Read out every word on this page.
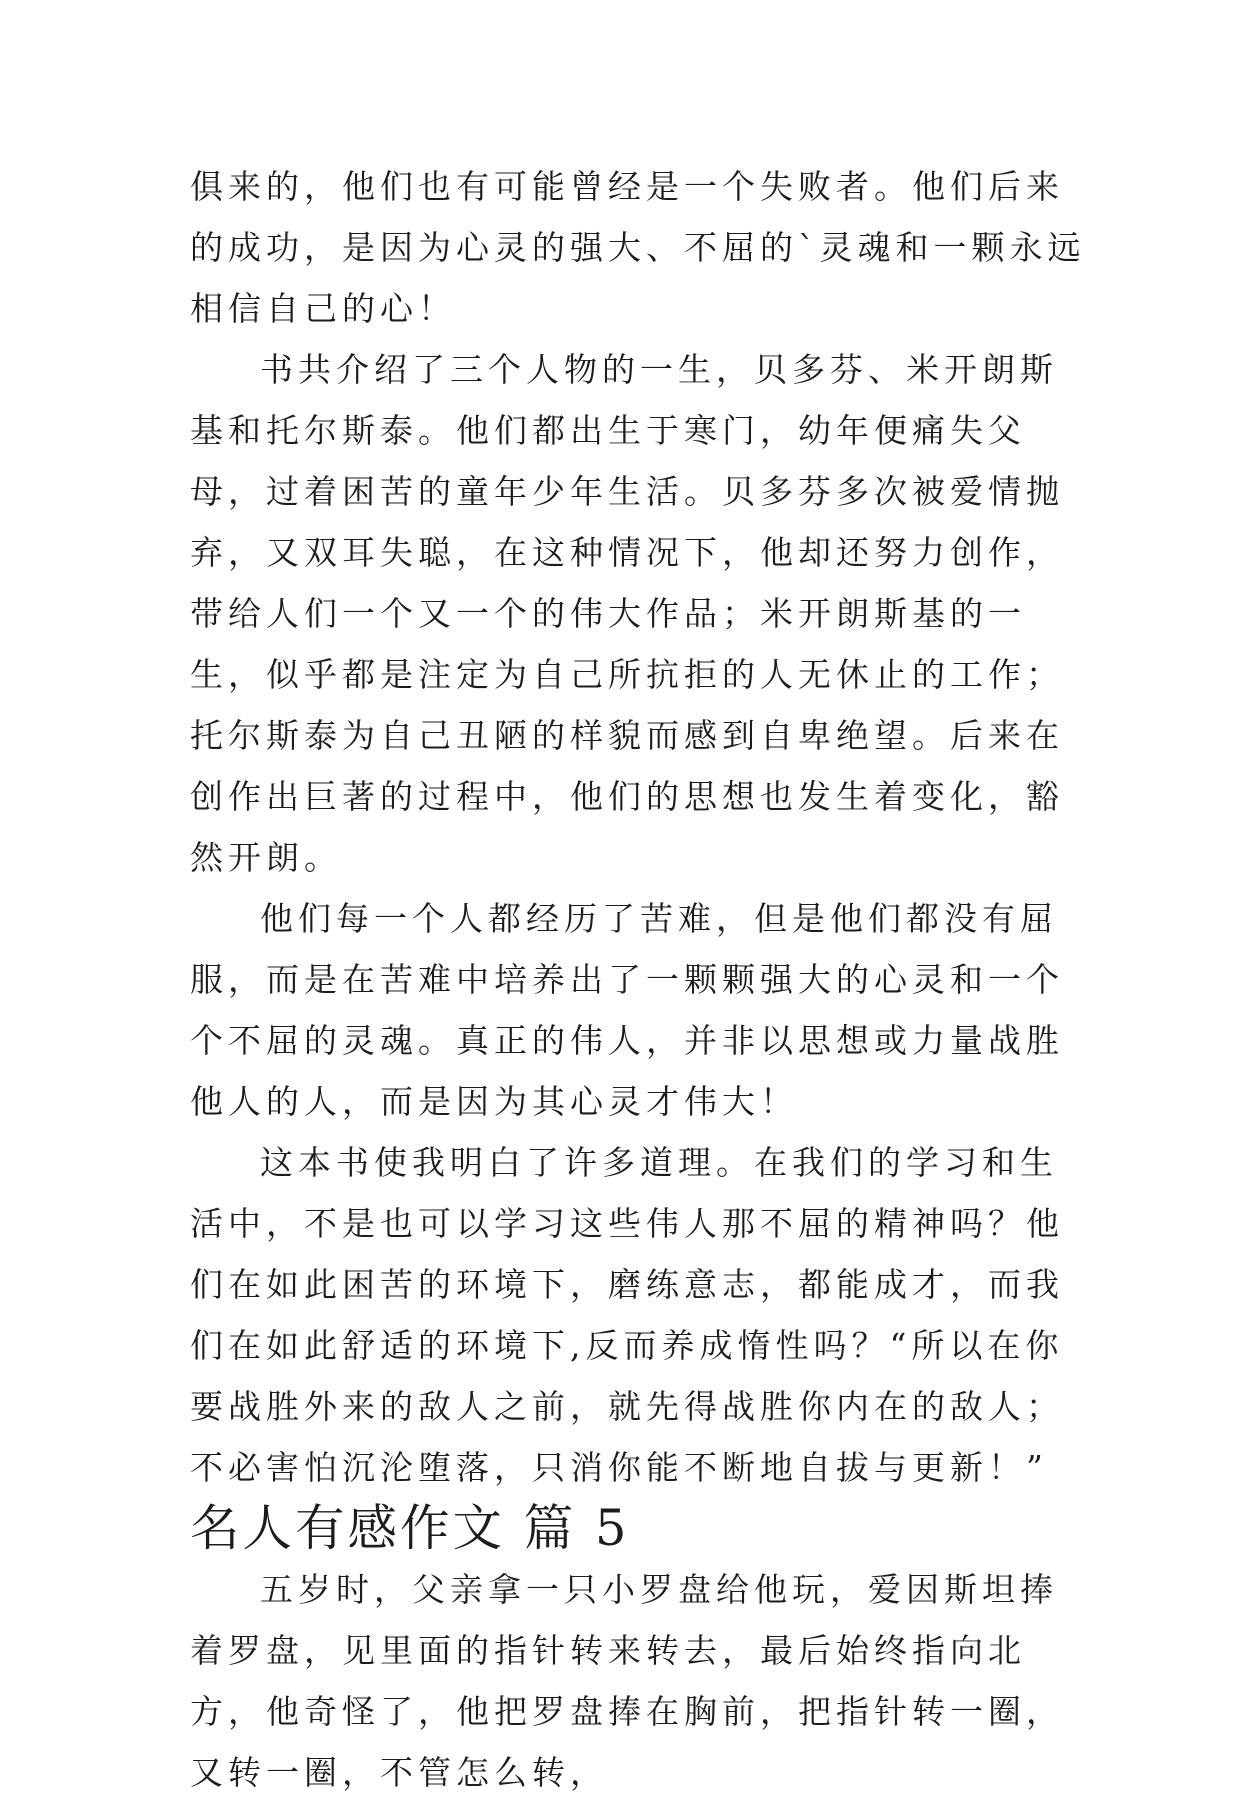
俱来的，他们也有可能曾经是一个失败者。他们后来的成功，是因为心灵的强大、不屈的`灵魂和一颗永远相信自己的心！

书共介绍了三个人物的一生，贝多芬、米开朗斯基和托尔斯泰。他们都出生于寒门，幼年便痛失父母，过着困苦的童年少年生活。贝多芬多次被爱情抛弃，又双耳失聪，在这种情况下，他却还努力创作，带给人们一个又一个的伟大作品；米开朗斯基的一生，似乎都是注定为自己所抗拒的人无休止的工作；托尔斯泰为自己丑陋的样貌而感到自卑绝望。后来在创作出巨著的过程中，他们的思想也发生着变化，豁然开朗。

他们每一个人都经历了苦难，但是他们都没有屈服，而是在苦难中培养出了一颗颗强大的心灵和一个个不屈的灵魂。真正的伟人，并非以思想或力量战胜他人的人，而是因为其心灵才伟大！

这本书使我明白了许多道理。在我们的学习和生活中，不是也可以学习这些伟人那不屈的精神吗？他们在如此困苦的环境下，磨练意志，都能成才，而我们在如此舒适的环境下,反而养成惰性吗？“所以在你要战胜外来的敌人之前，就先得战胜你内在的敌人；不必害怕沉沦堕落，只消你能不断地自拔与更新！”

名人有感作文 篇 5

五岁时，父亲拿一只小罗盘给他玩，爱因斯坦捧着罗盘，见里面的指针转来转去，最后始终指向北方，他奇怪了，他把罗盘捧在胸前，把指针转一圈，又转一圈，不管怎么转，
